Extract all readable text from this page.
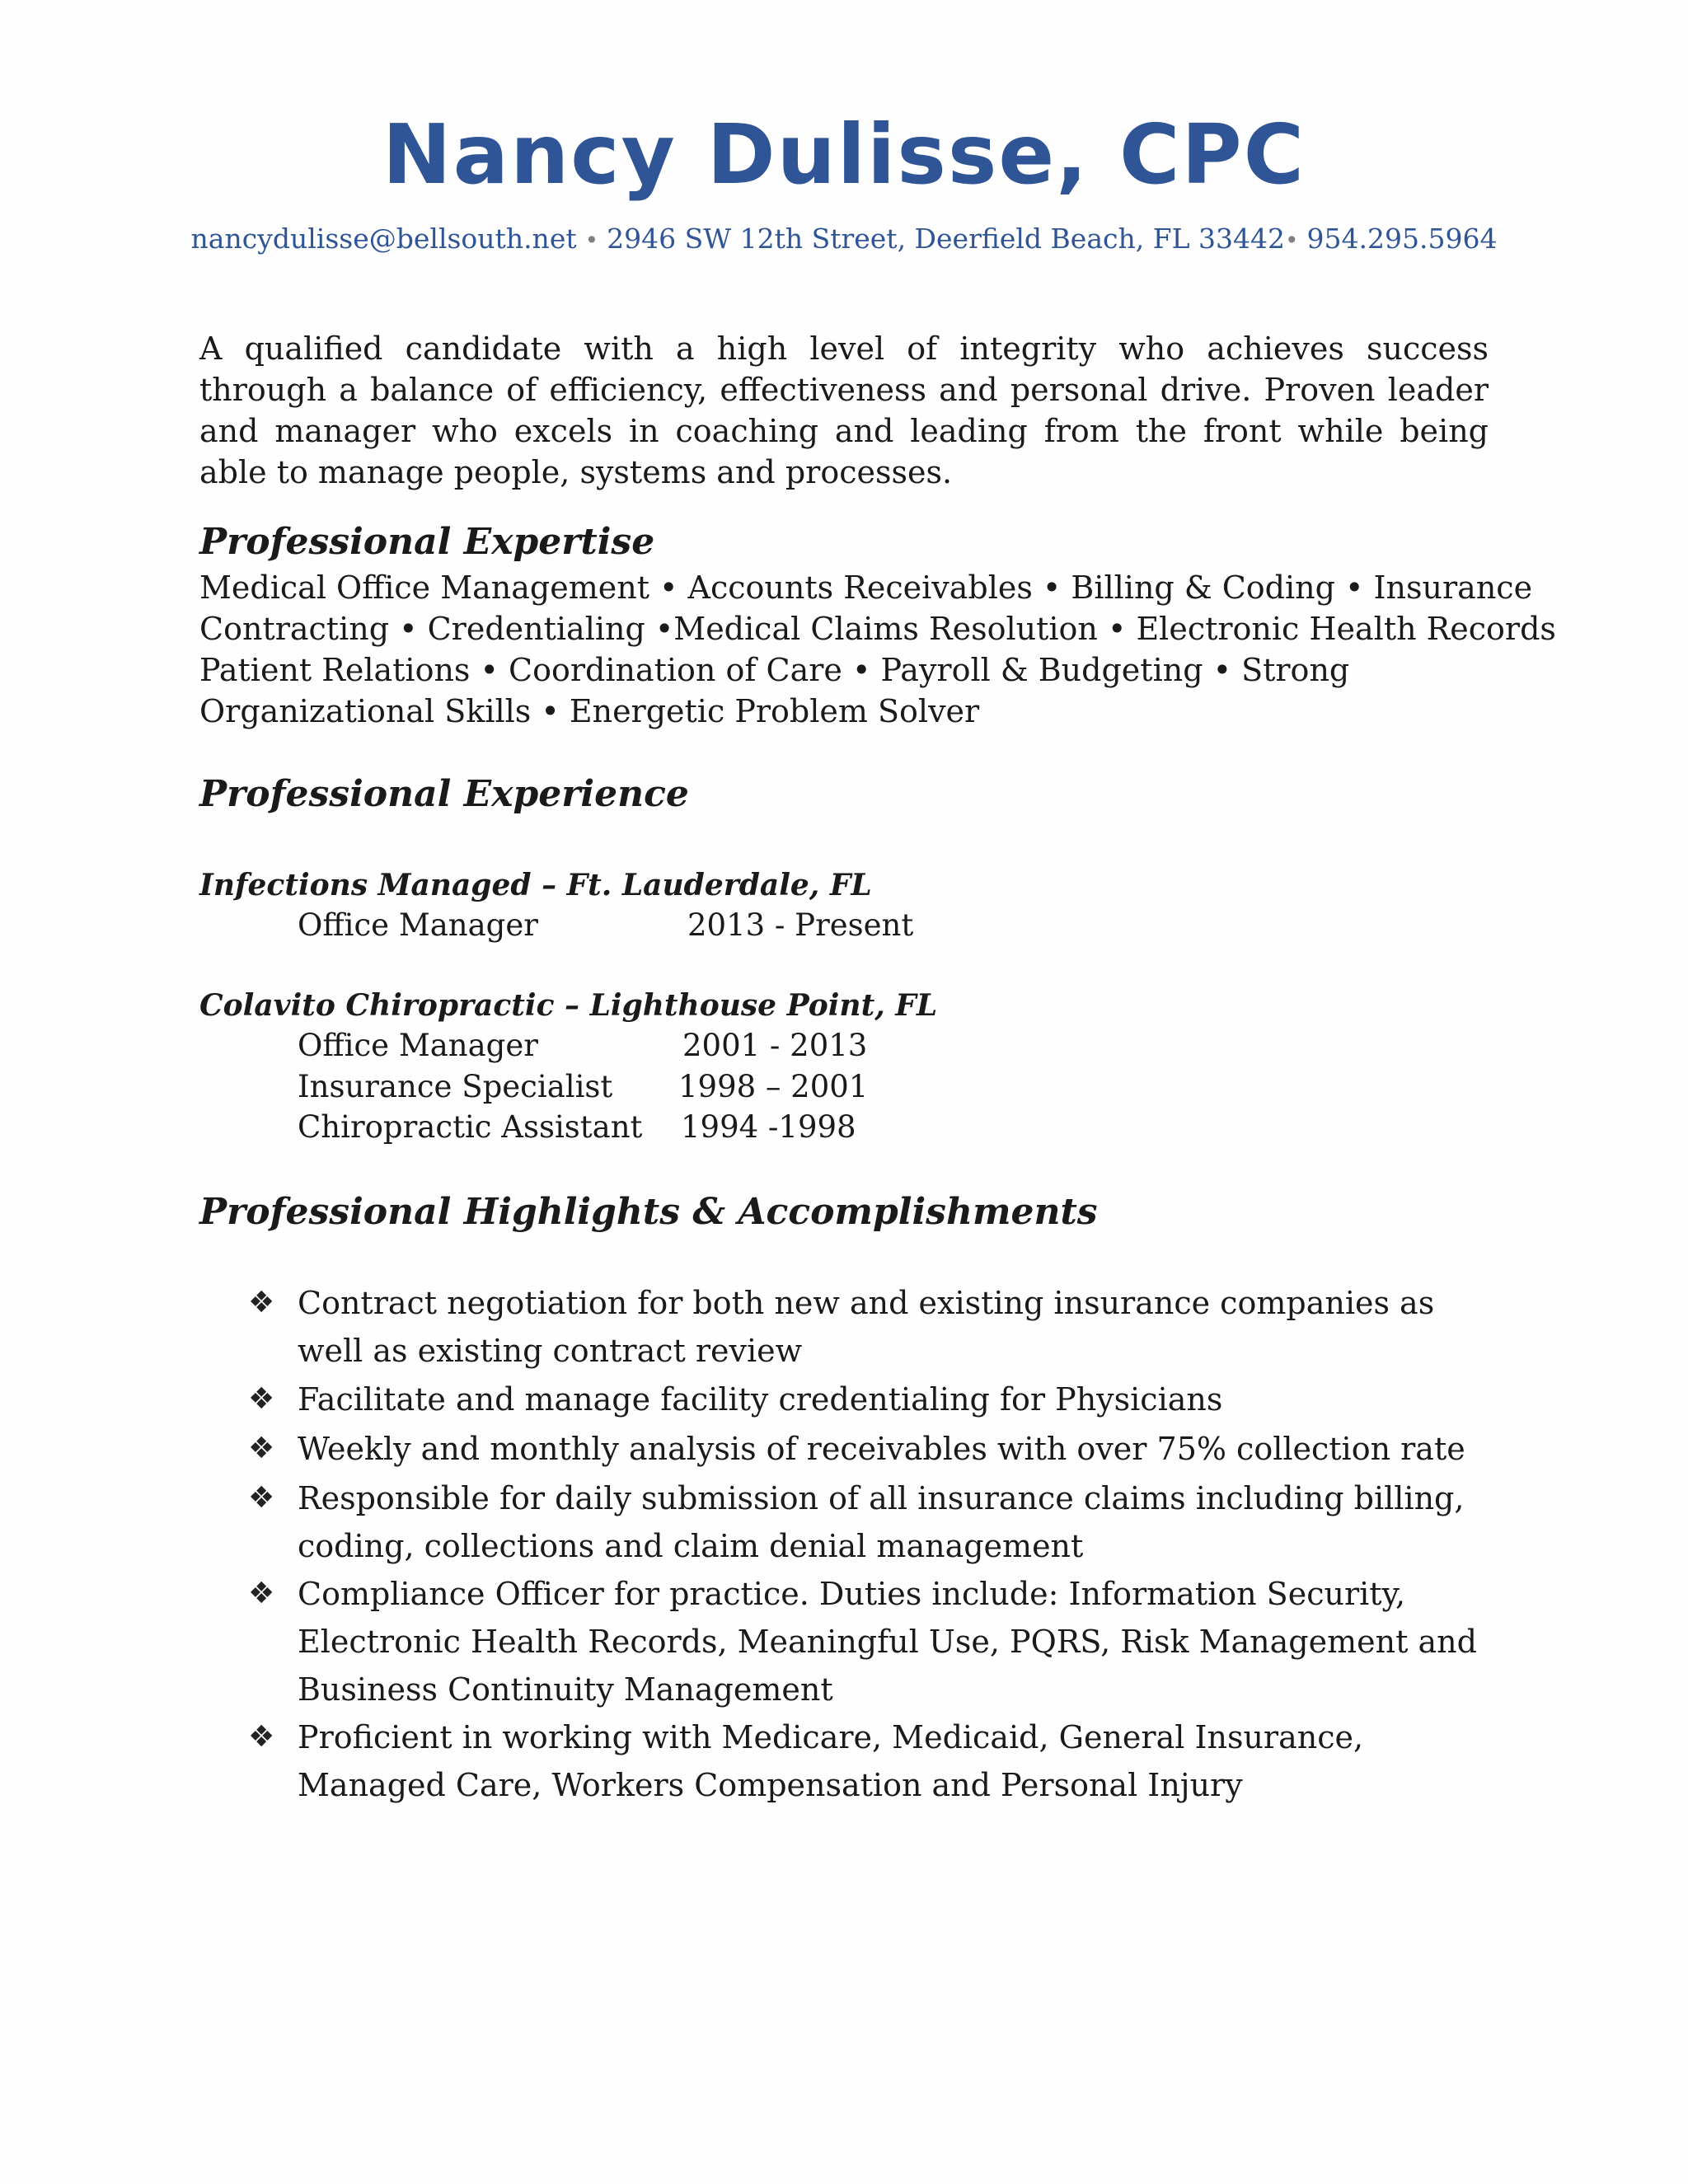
Nancy Dulisse, CPC
nancydulisse@bellsouth.net • 2946 SW 12th Street, Deerfield Beach, FL 33442• 954.295.5964
A qualified candidate with a high level of integrity who achieves success through a balance of efficiency, effectiveness and personal drive. Proven leader and manager who excels in coaching and leading from the front while being able to manage people, systems and processes.
Professional Expertise
Medical Office Management • Accounts Receivables • Billing & Coding • Insurance
Contracting • Credentialing •Medical Claims Resolution • Electronic Health Records
Patient Relations • Coordination of Care • Payroll & Budgeting • Strong
Organizational Skills • Energetic Problem Solver
Professional Experience
Infections Managed – Ft. Lauderdale, FL
Office Manager	2013 - Present
Colavito Chiropractic – Lighthouse Point, FL
Office Manager	2001 - 2013
Insurance Specialist 1998 – 2001
Chiropractic Assistant 1994 -1998
Professional Highlights & Accomplishments
❖ Contract negotiation for both new and existing insurance companies as well as existing contract review
❖ Facilitate and manage facility credentialing for Physicians
❖ Weekly and monthly analysis of receivables with over 75% collection rate
❖ Responsible for daily submission of all insurance claims including billing, coding, collections and claim denial management
❖ Compliance Officer for practice. Duties include: Information Security, Electronic Health Records, Meaningful Use, PQRS, Risk Management and Business Continuity Management
❖ Proficient in working with Medicare, Medicaid, General Insurance, Managed Care, Workers Compensation and Personal Injury
